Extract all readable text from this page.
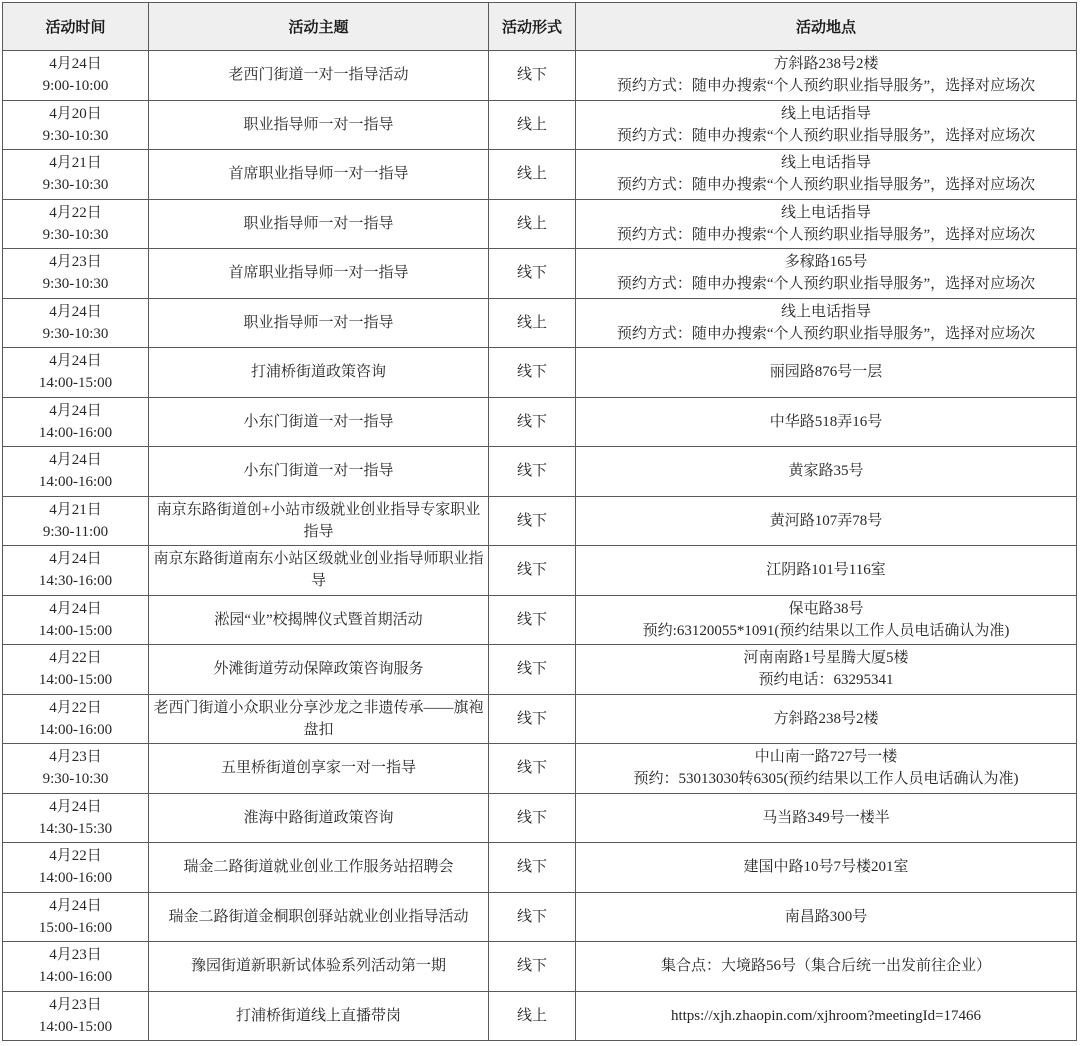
活动时间	活动主题	活动形式	活动地点

4月24日
9:00-10:00
	老西门街道一对一指导活动	线下	
方斜路238号2楼
预约方式：随申办搜索“个人预约职业指导服务”，选择对应场次

4月20日
9:30-10:30
	职业指导师一对一指导	线上	
线上电话指导
预约方式：随申办搜索“个人预约职业指导服务”，选择对应场次

4月21日
9:30-10:30
	首席职业指导师一对一指导	线上	
线上电话指导
预约方式：随申办搜索“个人预约职业指导服务”，选择对应场次

4月22日
9:30-10:30
	职业指导师一对一指导	线上	
线上电话指导
预约方式：随申办搜索“个人预约职业指导服务”，选择对应场次

4月23日
9:30-10:30
	首席职业指导师一对一指导	线下	
多稼路165号
预约方式：随申办搜索“个人预约职业指导服务”，选择对应场次

4月24日
9:30-10:30
	职业指导师一对一指导	线上	
线上电话指导
预约方式：随申办搜索“个人预约职业指导服务”，选择对应场次

4月24日
14:00-15:00	打浦桥街道政策咨询	线下	丽园路876号一层

4月24日
14:00-16:00	小东门街道一对一指导	线下	中华路518弄16号

4月24日
14:00-16:00	小东门街道一对一指导	线下	黄家路35号

4月21日
9:30-11:00	南京东路街道创+小站市级就业创业指导专家职业指导	线下	黄河路107弄78号

4月24日
14:30-16:00	南京东路街道南东小站区级就业创业指导师职业指导	线下	江阴路101号116室

4月24日
14:00-15:00
	淞园“业”校揭牌仪式暨首期活动	线下	
保屯路38号
预约:63120055*1091(预约结果以工作人员电话确认为准)

4月22日
14:00-15:00
	外滩街道劳动保障政策咨询服务	线下	
河南南路1号星腾大厦5楼
预约电话：63295341

4月22日
14:00-16:00	老西门街道小众职业分享沙龙之非遗传承——旗袍盘扣	线下	方斜路238号2楼

4月23日
9:30-10:30
	五里桥街道创享家一对一指导	线下	
中山南一路727号一楼
预约：53013030转6305(预约结果以工作人员电话确认为准)

4月24日
14:30-15:30	淮海中路街道政策咨询	线下	马当路349号一楼半

4月22日
14:00-16:00	瑞金二路街道就业创业工作服务站招聘会	线下	建国中路10号7号楼201室

4月24日
15:00-16:00	瑞金二路街道金桐职创驿站就业创业指导活动	线下	南昌路300号

4月23日
14:00-16:00	豫园街道新职新试体验系列活动第一期	线下	集合点：大境路56号（集合后统一出发前往企业）

4月23日
14:00-15:00	打浦桥街道线上直播带岗	线上	https://xjh.zhaopin.com/xjhroom?meetingId=17466
